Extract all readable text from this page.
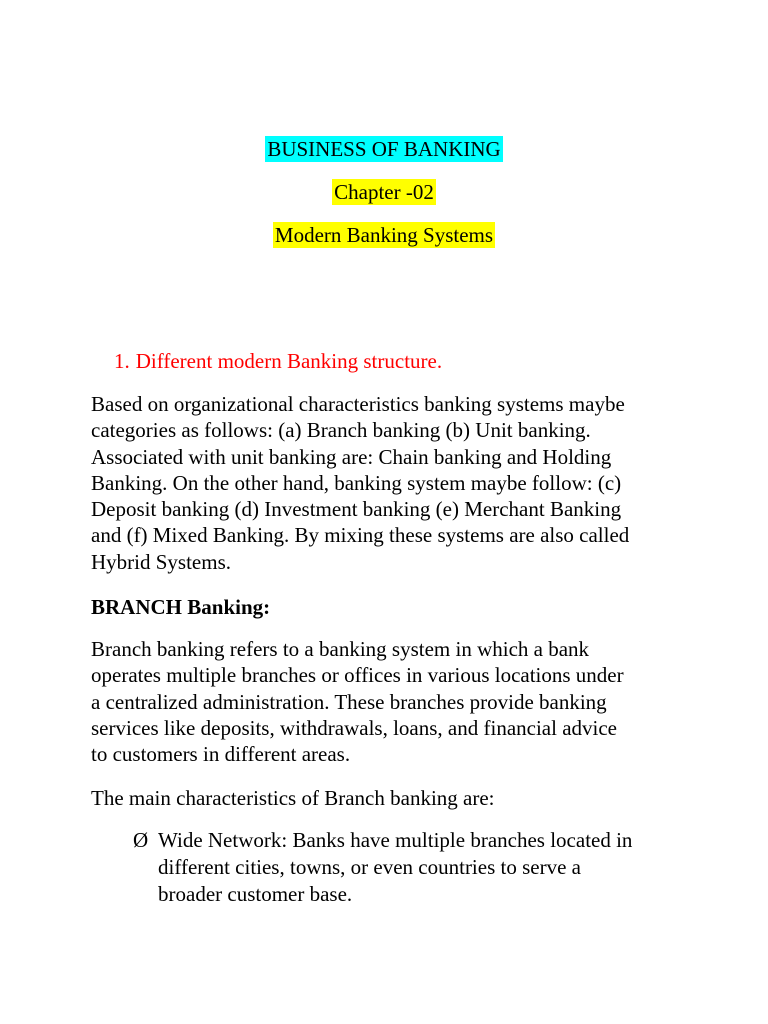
BUSINESS OF BANKING
Chapter -02
Modern Banking Systems
1. Different modern Banking structure.
Based on organizational characteristics banking systems maybe
categories as follows: (a) Branch banking (b) Unit banking.
Associated with unit banking are: Chain banking and Holding
Banking. On the other hand, banking system maybe follow: (c)
Deposit banking (d) Investment banking (e) Merchant Banking
and (f) Mixed Banking. By mixing these systems are also called
Hybrid Systems.
BRANCH Banking:
Branch banking refers to a banking system in which a bank
operates multiple branches or offices in various locations under
a centralized administration. These branches provide banking
services like deposits, withdrawals, loans, and financial advice
to customers in different areas.
The main characteristics of Branch banking are:
Ø Wide Network: Banks have multiple branches located in
different cities, towns, or even countries to serve a
broader customer base.
